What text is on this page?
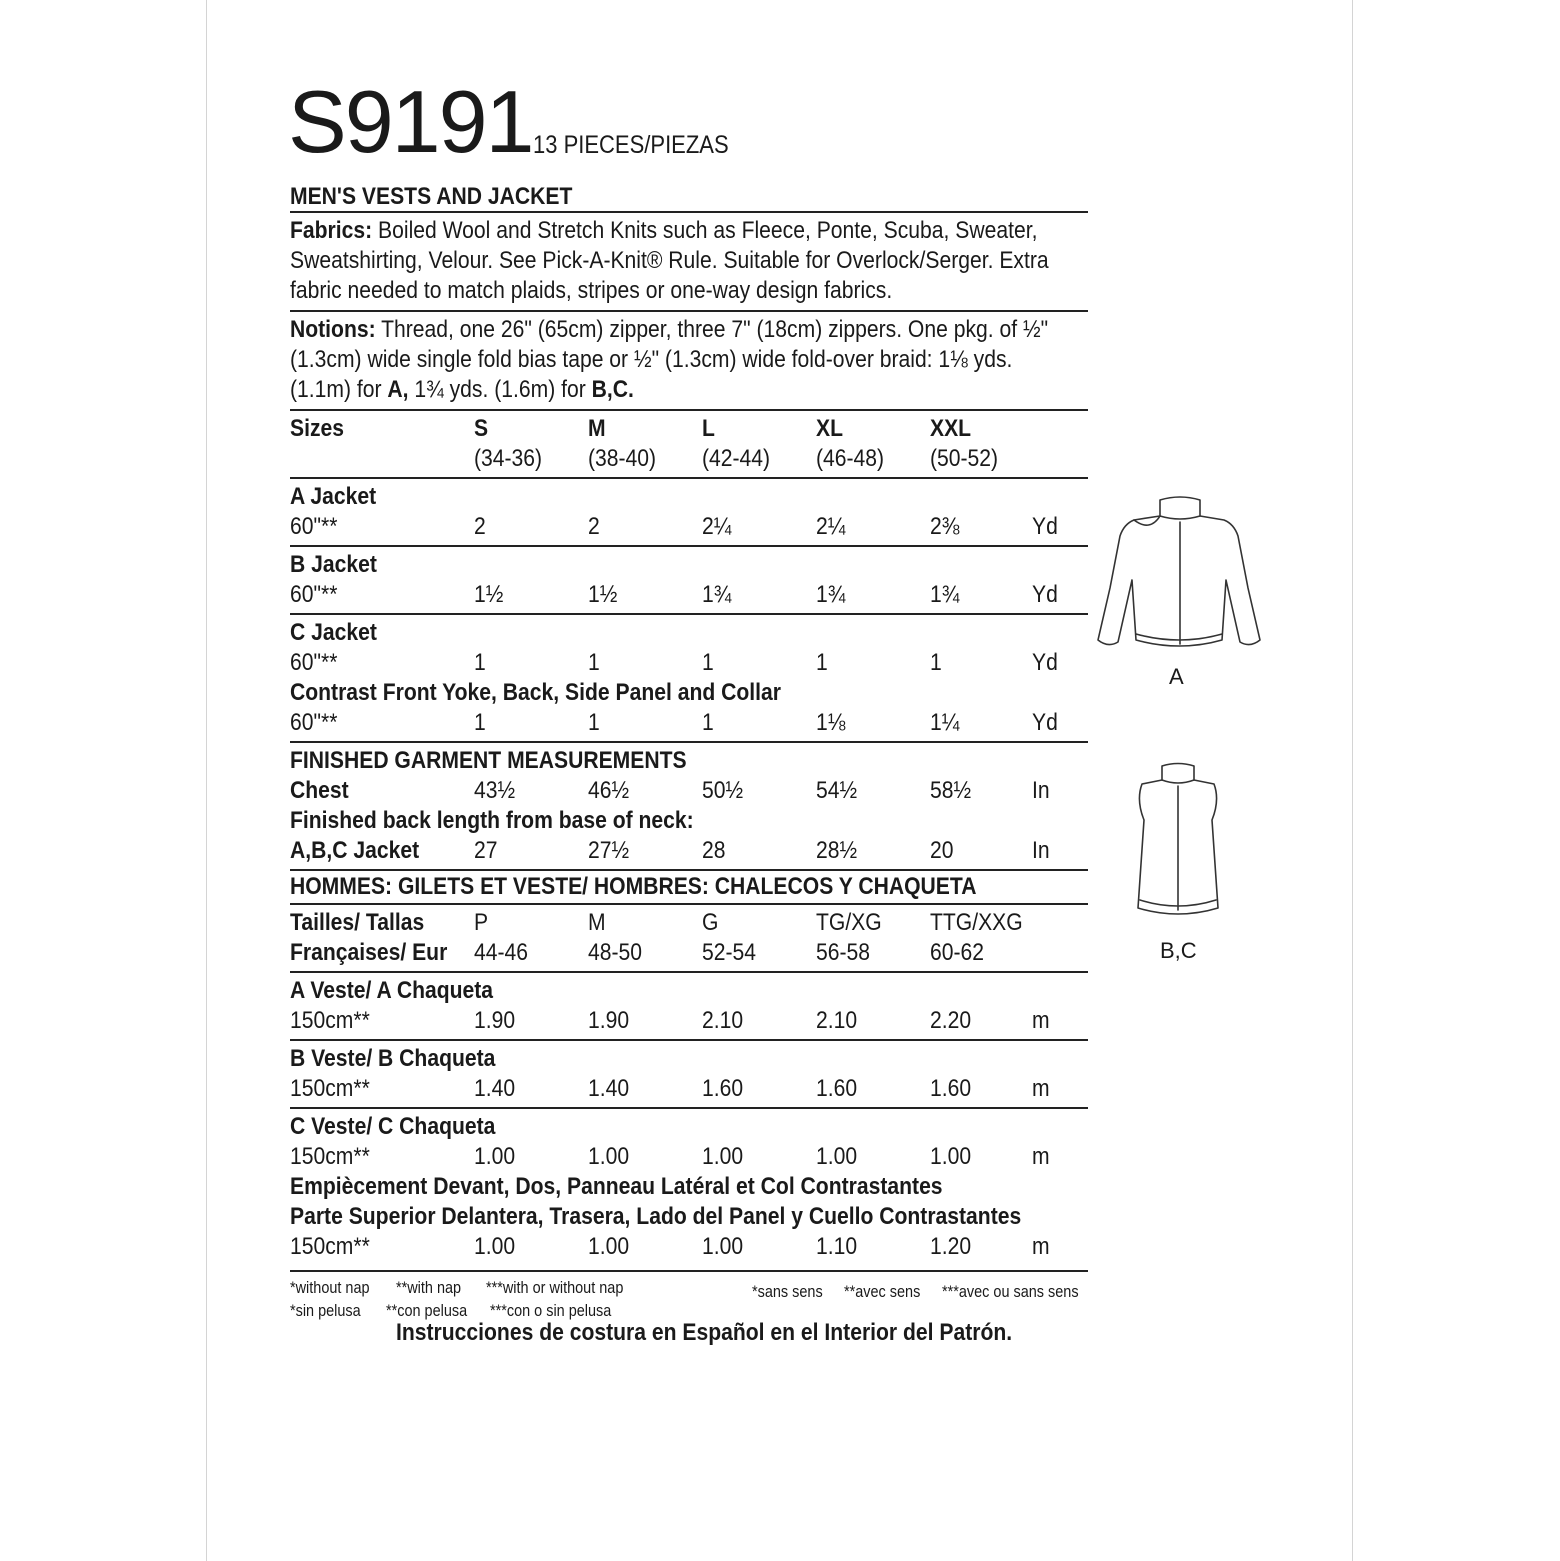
S9191 13 PIECES/PIEZAS
MEN'S VESTS AND JACKET
Fabrics: Boiled Wool and Stretch Knits such as Fleece, Ponte, Scuba, Sweater,
Sweatshirting, Velour. See Pick-A-Knit® Rule. Suitable for Overlock/Serger. Extra
fabric needed to match plaids, stripes or one-way design fabrics.
Notions: Thread, one 26" (65cm) zipper, three 7" (18cm) zippers. One pkg. of ½"
(1.3cm) wide single fold bias tape or ½" (1.3cm) wide fold-over braid: 1⅛ yds.
(1.1m) for A, 1¾ yds. (1.6m) for B,C.
Sizes	S	M	L	XL	XXL
(34-36) (38-40) (42-44) (46-48) (50-52)
A Jacket
60"**	2	2	2¼	2¼	2⅜	Yd
B Jacket
60"**	1½	1½	1¾	1¾	1¾	Yd
C Jacket
60"**	1	1	1	1	1	Yd
Contrast Front Yoke, Back, Side Panel and Collar
60"**	1	1	1	1⅛	1¼	Yd
FINISHED GARMENT MEASUREMENTS
Chest	43½	46½	50½	54½	58½	In
Finished back length from base of neck:
A,B,C Jacket 27	27½	28	28½	20	In
HOMMES: GILETS ET VESTE/ HOMBRES: CHALECOS Y CHAQUETA
Tailles/ Tallas P	M	G	TG/XG TTG/XXG
Françaises/ Eur 44-46 48-50 52-54 56-58 60-62
A Veste/ A Chaqueta
150cm**	1.90	1.90	2.10	2.10	2.20	m
B Veste/ B Chaqueta
150cm**	1.40	1.40	1.60	1.60	1.60	m
C Veste/ C Chaqueta
150cm**	1.00	1.00	1.00	1.00	1.00	m
Empiècement Devant, Dos, Panneau Latéral et Col Contrastantes
Parte Superior Delantera, Trasera, Lado del Panel y Cuello Contrastantes
150cm**	1.00	1.00	1.00	1.10	1.20	m
*without nap **with nap ***with or without nap
*sin pelusa **con pelusa ***con o sin pelusa
*sans sens **avec sens ***avec ou sans sens
Instrucciones de costura en Español en el Interior del Patrón.
A
B,C
